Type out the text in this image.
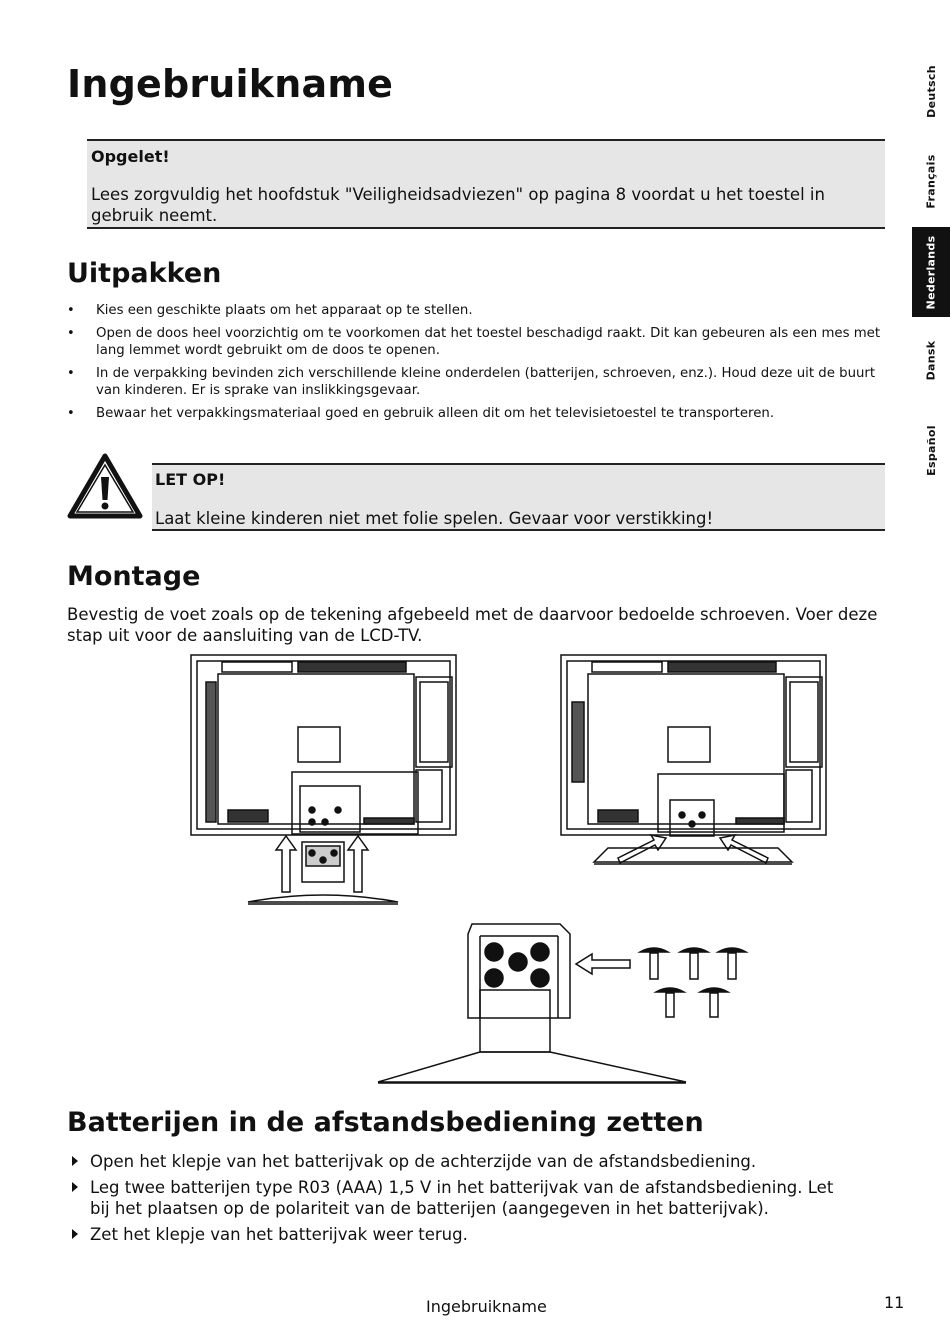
Ingebruikname
Opgelet!
Lees zorgvuldig het hoofdstuk "Veiligheidsadviezen" op pagina 8 voordat u het toestel in gebruik neemt.
Uitpakken
• Kies een geschikte plaats om het apparaat op te stellen.
• Open de doos heel voorzichtig om te voorkomen dat het toestel beschadigd raakt. Dit kan gebeuren als een mes met lang lemmet wordt gebruikt om de doos te openen.
• In de verpakking bevinden zich verschillende kleine onderdelen (batterijen, schroeven, enz.). Houd deze uit de buurt van kinderen. Er is sprake van inslikkingsgevaar.
• Bewaar het verpakkingsmateriaal goed en gebruik alleen dit om het televisietoestel te transporteren.
LET OP!
Laat kleine kinderen niet met folie spelen. Gevaar voor verstikking!
Montage

Bevestig de voet zoals op de tekening afgebeeld met de daarvoor bedoelde schroeven. Voer deze stap uit voor de aansluiting van de LCD-TV.

Batterijen in de afstandsbediening zetten
Open het klepje van het batterijvak op de achterzijde van de afstandsbediening.
Leg twee batterijen type R03 (AAA) 1,5 V in het batterijvak van de afstandsbediening. Let bij het plaatsen op de polariteit van de batterijen (aangegeven in het batterijvak).
Zet het klepje van het batterijvak weer terug.
Deutsch
Français
Nederlands
Dansk
Español
Ingebruikname	11
